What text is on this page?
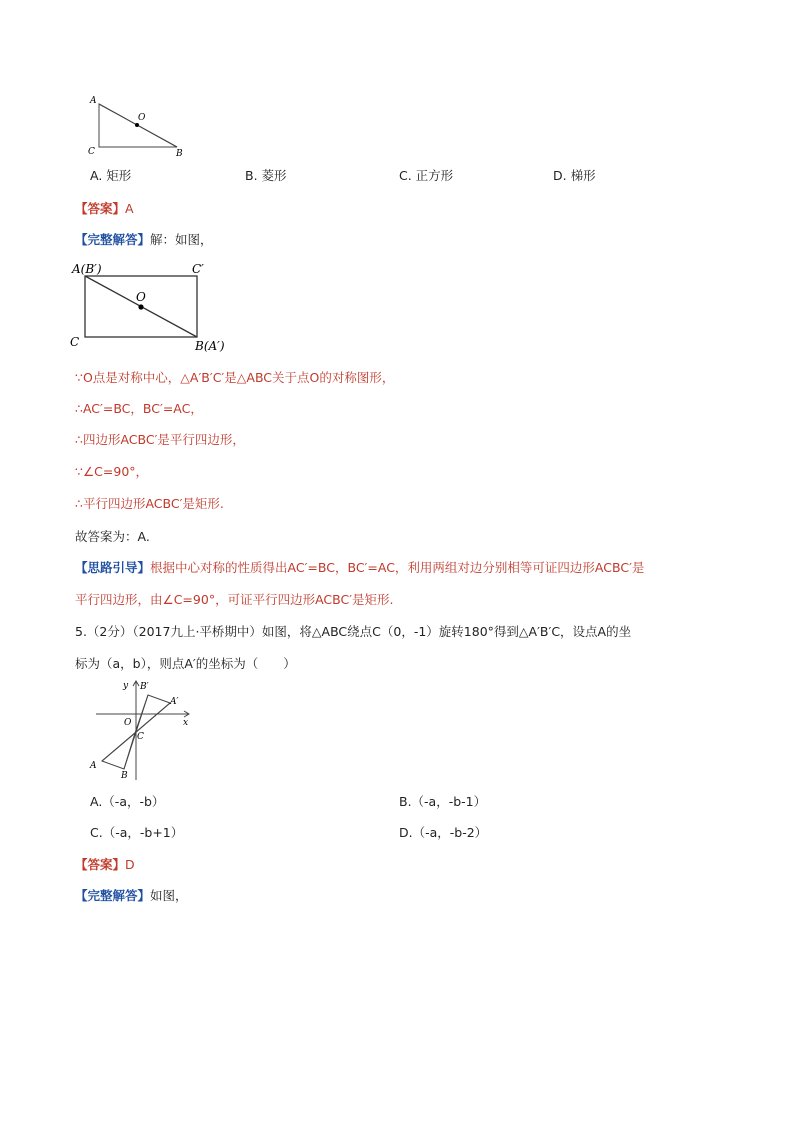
A
O
C	B
A. 矩形	B. 菱形	C. 正方形	D. 梯形
【答案】A
【完整解答】解：如图，
A(B′)	C′
O
C	B(A′)
∵O点是对称中心，△A′B′C′是△ABC关于点O的对称图形，
∴AC′=BC，BC′=AC，
∴四边形ACBC′是平行四边形，
∵∠C=90°，
∴平行四边形ACBC′是矩形.
故答案为：A.
【思路引导】根据中心对称的性质得出AC′=BC，BC′=AC，利用两组对边分别相等可证四边形ACBC′是
平行四边形，由∠C=90°，可证平行四边形ACBC′是矩形.
5.（2分）（2017九上·平桥期中）如图，将△ABC绕点C（0，-1）旋转180°得到△A′B′C，设点A的坐
标为（a，b），则点A′的坐标为（　　）
y B′
A′
O	x
C
A
B
A.（-a，-b）	B.（-a，-b-1）
C.（-a，-b+1）	D.（-a，-b-2）
【答案】D
【完整解答】如图，
